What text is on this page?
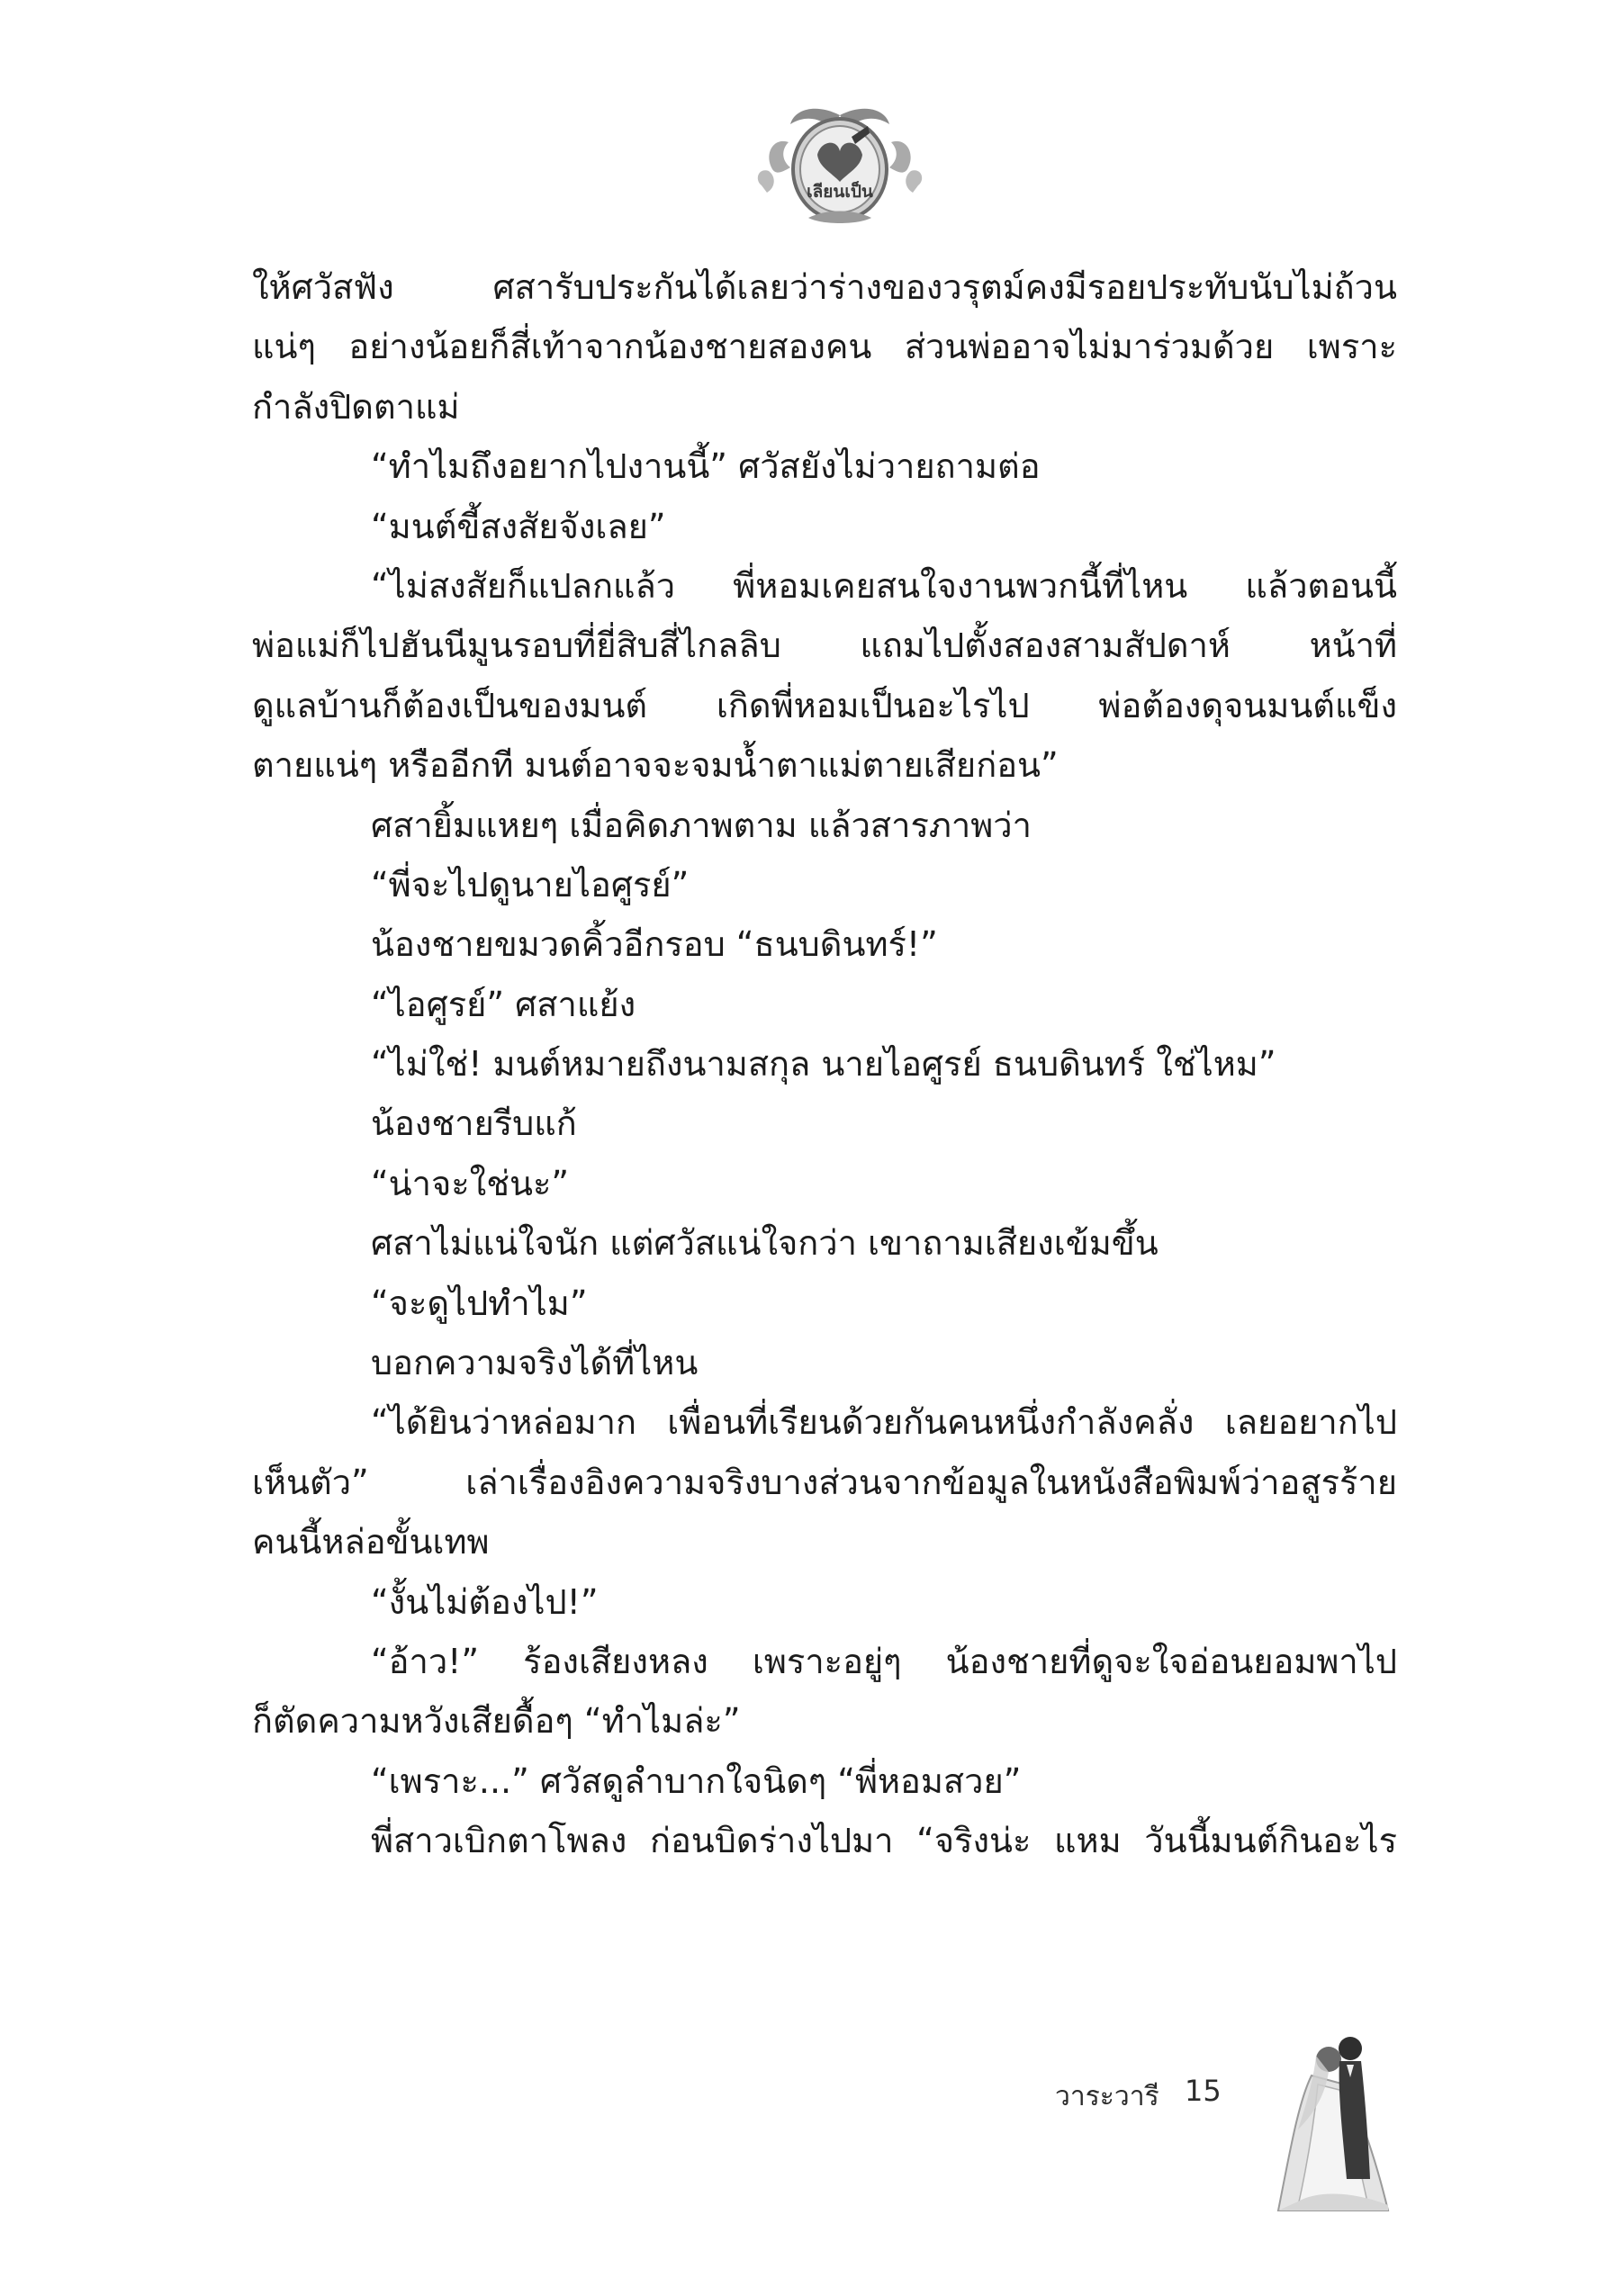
เลียนเป็น
ให้ศวัสฟัง ศสารับประกันได้เลยว่าร่างของวรุตม์คงมีรอยประทับนับไม่ถ้วน
แน่ๆ อย่างน้อยก็สี่เท้าจากน้องชายสองคน ส่วนพ่ออาจไม่มาร่วมด้วย เพราะ
กำลังปิดตาแม่
“ทำไมถึงอยากไปงานนี้” ศวัสยังไม่วายถามต่อ
“มนต์ขี้สงสัยจังเลย”
“ไม่สงสัยก็แปลกแล้ว พี่หอมเคยสนใจงานพวกนี้ที่ไหน แล้วตอนนี้
พ่อแม่ก็ไปฮันนีมูนรอบที่ยี่สิบสี่ไกลลิบ แถมไปตั้งสองสามสัปดาห์ หน้าที่
ดูแลบ้านก็ต้องเป็นของมนต์ เกิดพี่หอมเป็นอะไรไป พ่อต้องดุจนมนต์แข็ง
ตายแน่ๆ หรืออีกที มนต์อาจจะจมน้ำตาแม่ตายเสียก่อน”
ศสายิ้มแหยๆ เมื่อคิดภาพตาม แล้วสารภาพว่า
“พี่จะไปดูนายไอศูรย์”
น้องชายขมวดคิ้วอีกรอบ “ธนบดินทร์!”
“ไอศูรย์” ศสาแย้ง
“ไม่ใช่! มนต์หมายถึงนามสกุล นายไอศูรย์ ธนบดินทร์ ใช่ไหม”
น้องชายรีบแก้
“น่าจะใช่นะ”
ศสาไม่แน่ใจนัก แต่ศวัสแน่ใจกว่า เขาถามเสียงเข้มขึ้น
“จะดูไปทำไม”
บอกความจริงได้ที่ไหน
“ได้ยินว่าหล่อมาก เพื่อนที่เรียนด้วยกันคนหนึ่งกำลังคลั่ง เลยอยากไป
เห็นตัว” เล่าเรื่องอิงความจริงบางส่วนจากข้อมูลในหนังสือพิมพ์ว่าอสูรร้าย
คนนี้หล่อขั้นเทพ
“งั้นไม่ต้องไป!”
“อ้าว!” ร้องเสียงหลง เพราะอยู่ๆ น้องชายที่ดูจะใจอ่อนยอมพาไป
ก็ตัดความหวังเสียดื้อๆ “ทำไมล่ะ”
“เพราะ...” ศวัสดูลำบากใจนิดๆ “พี่หอมสวย”
พี่สาวเบิกตาโพลง ก่อนบิดร่างไปมา “จริงน่ะ แหม วันนี้มนต์กินอะไร
วาระวารี 15
